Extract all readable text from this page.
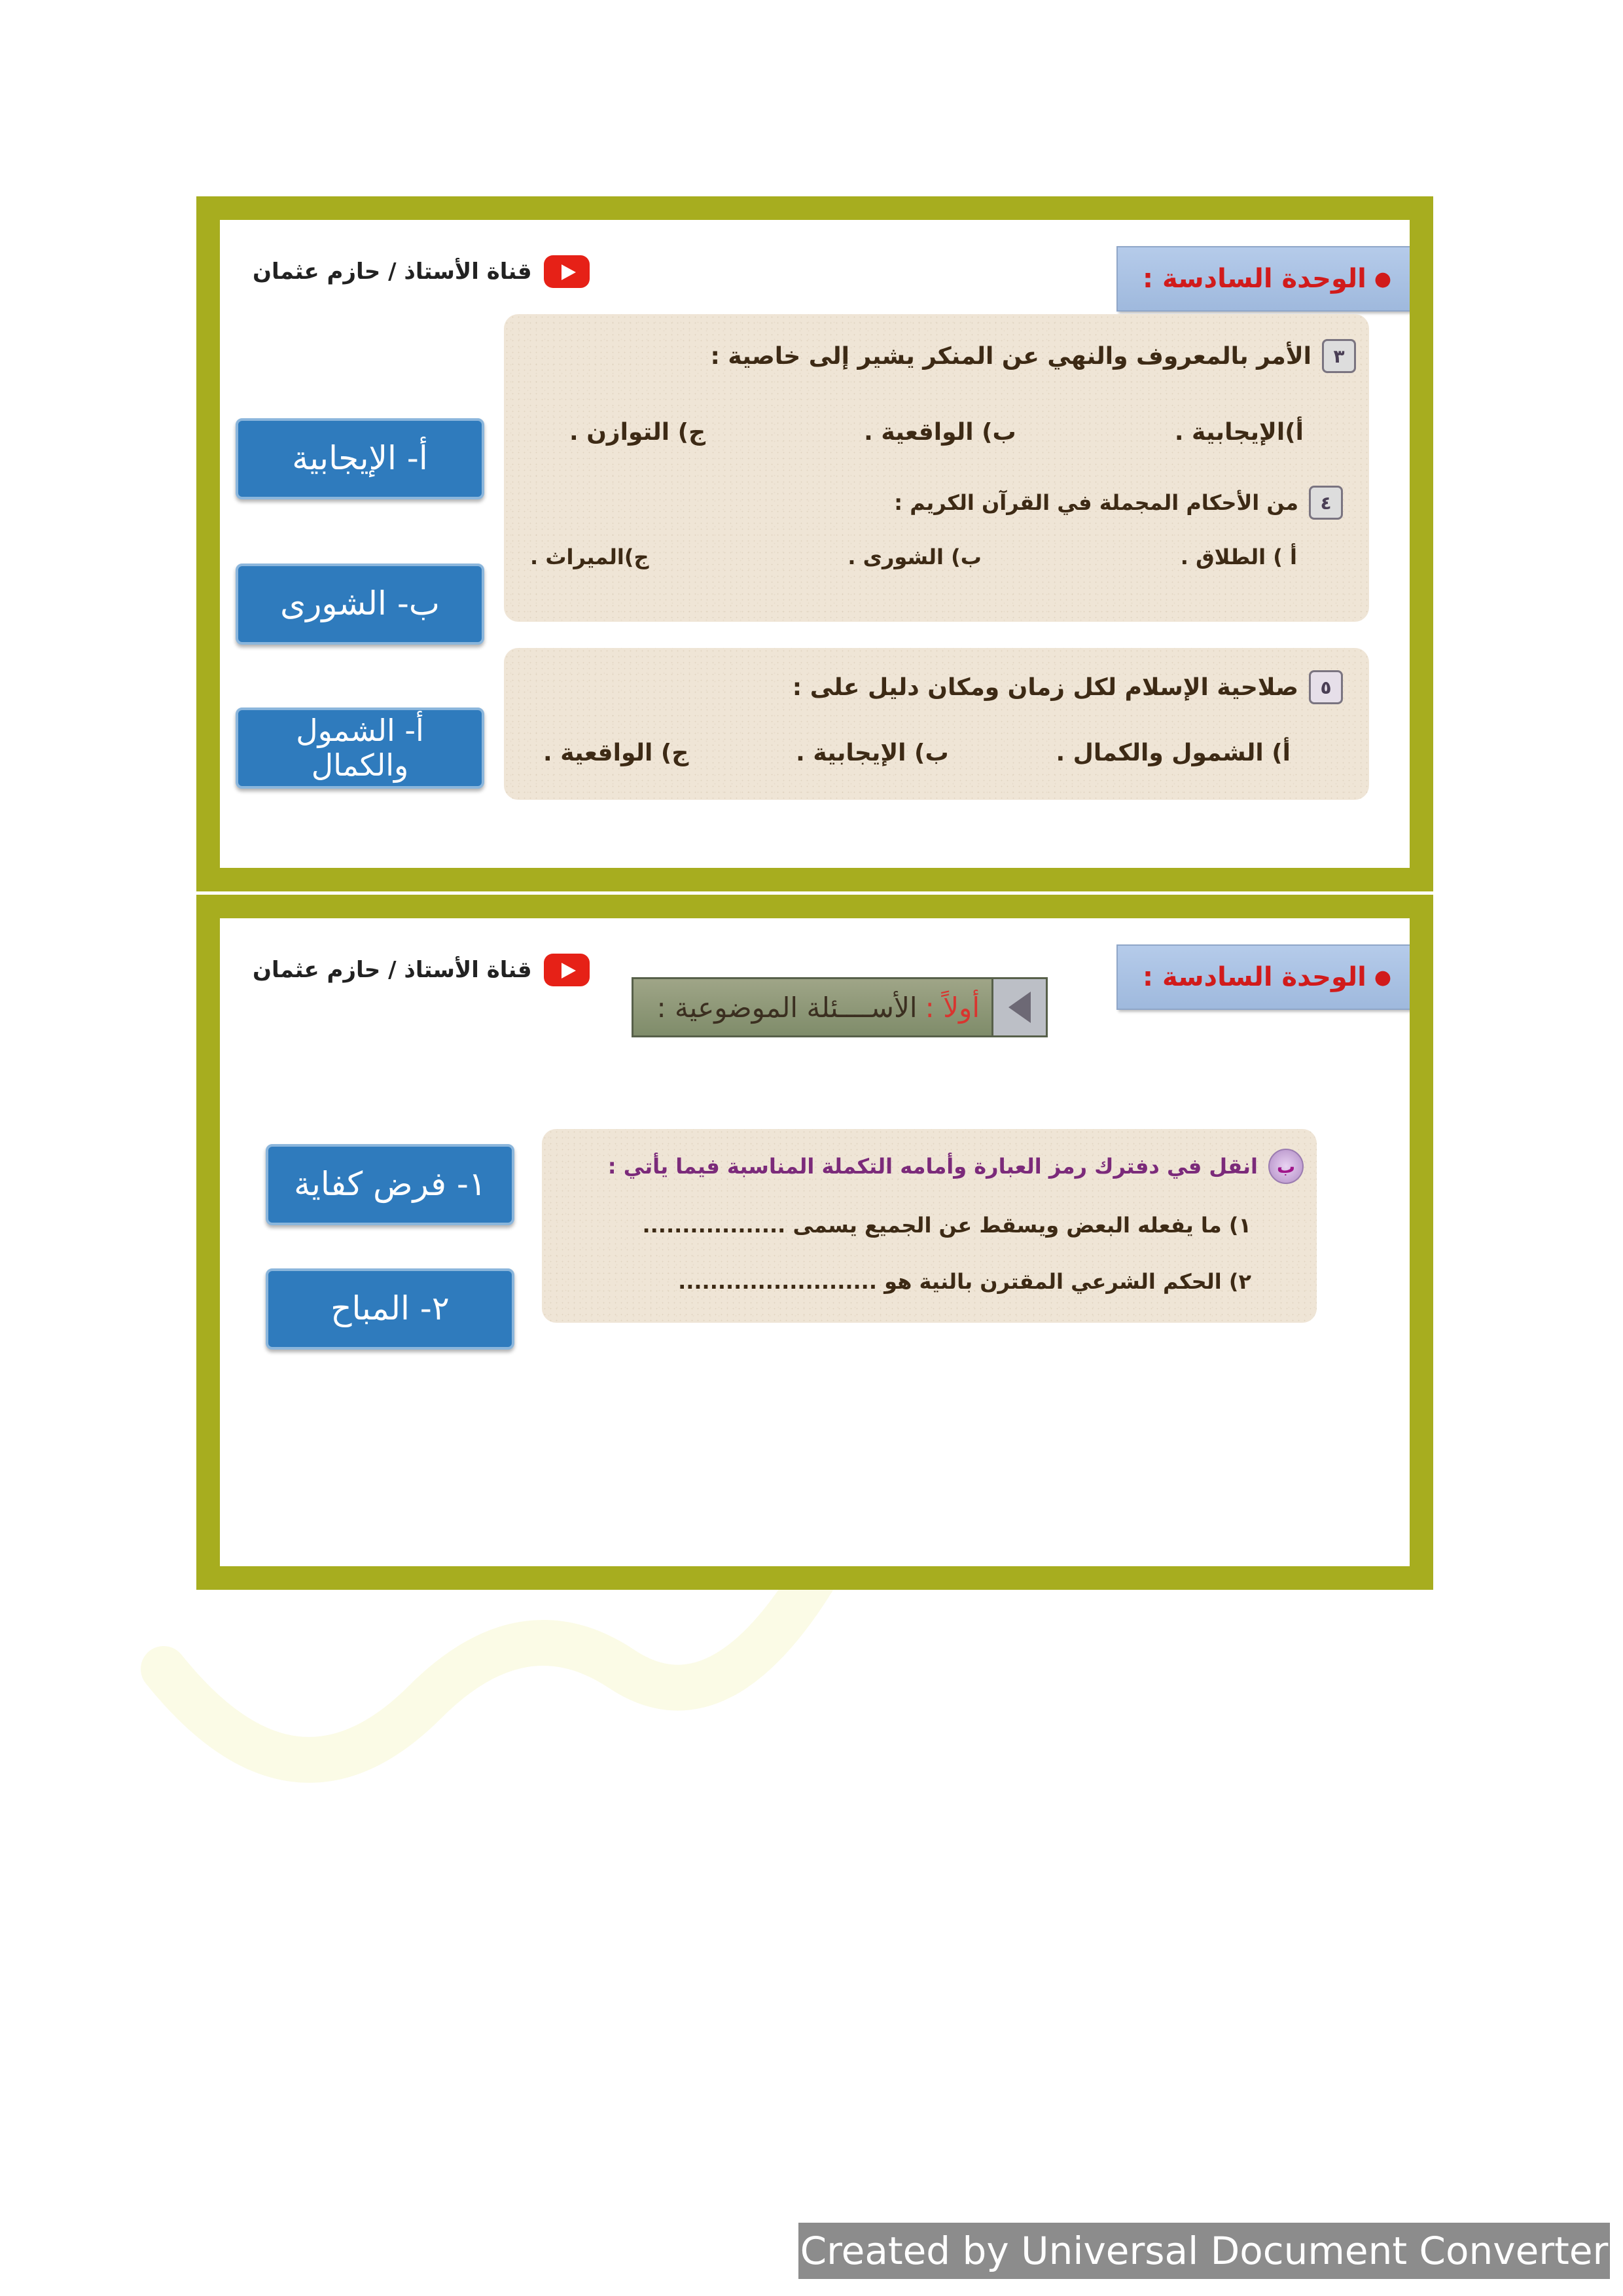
قناة الأستاذ / حازم عثمان	●
الوحدة السادسة :
٣
الأمر بالمعروف والنهي عن المنكر يشير إلى خاصية :
أ)الإيجابية .
ب) الواقعية .
ج) التوازن .
٤
من الأحكام المجملة في القرآن الكريم :
أ ) الطلاق .
ب) الشورى .
ج)الميراث .
٥
صلاحية الإسلام لكل زمان ومكان دليل على :
أ) الشمول والكمال .
ب) الإيجابية .
ج) الواقعية .
أ- الإيجابية
ب- الشورى
أ- الشمول والكمال
قناة الأستاذ / حازم عثمان	●
الوحدة السادسة :
أولاً :
الأســــئلة الموضوعية :
ب
انقل في دفترك رمز العبارة وأمامه التكملة المناسبة فيما يأتي :
١) ما يفعله البعض ويسقط عن الجميع يسمى ..................
٢) الحكم الشرعي المقترن بالنية هو .........................
١- فرض كفاية
٢- المباح
Created by Universal Document Converter
